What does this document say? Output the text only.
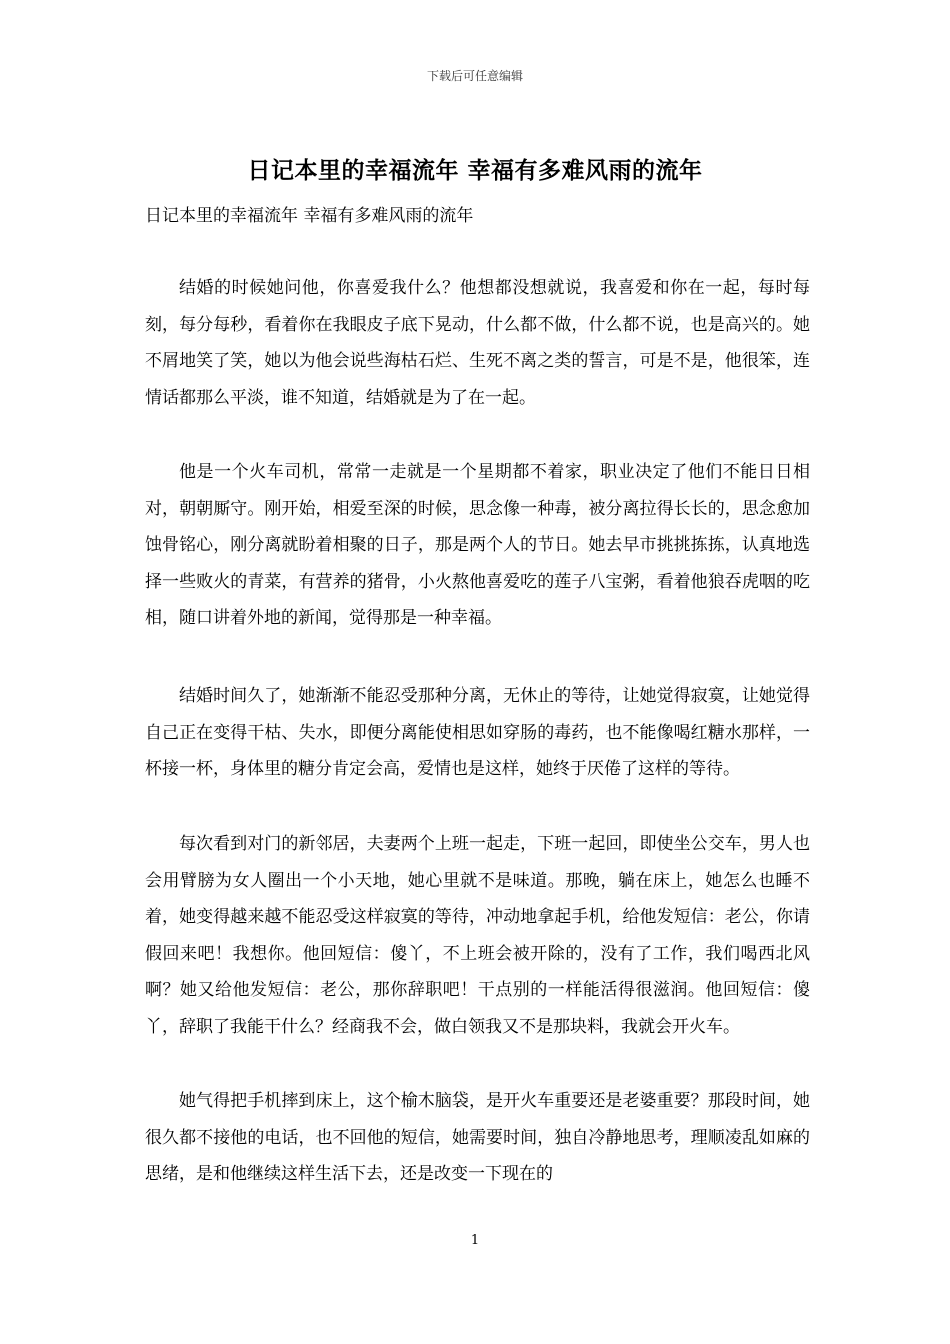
下载后可任意编辑
日记本里的幸福流年 幸福有多难风雨的流年

日记本里的幸福流年 幸福有多难风雨的流年

结婚的时候她问他，你喜爱我什么？他想都没想就说，我喜爱和你在一起，每时每刻，每分每秒，看着你在我眼皮子底下晃动，什么都不做，什么都不说，也是高兴的。她不屑地笑了笑，她以为他会说些海枯石烂、生死不离之类的誓言，可是不是，他很笨，连情话都那么平淡，谁不知道，结婚就是为了在一起。

他是一个火车司机，常常一走就是一个星期都不着家，职业决定了他们不能日日相对，朝朝厮守。刚开始，相爱至深的时候，思念像一种毒，被分离拉得长长的，思念愈加蚀骨铭心，刚分离就盼着相聚的日子，那是两个人的节日。她去早市挑挑拣拣，认真地选择一些败火的青菜，有营养的猪骨，小火熬他喜爱吃的莲子八宝粥，看着他狼吞虎咽的吃相，随口讲着外地的新闻，觉得那是一种幸福。

结婚时间久了，她渐渐不能忍受那种分离，无休止的等待，让她觉得寂寞，让她觉得自己正在变得干枯、失水，即便分离能使相思如穿肠的毒药，也不能像喝红糖水那样，一杯接一杯，身体里的糖分肯定会高，爱情也是这样，她终于厌倦了这样的等待。

每次看到对门的新邻居，夫妻两个上班一起走，下班一起回，即使坐公交车，男人也会用臂膀为女人圈出一个小天地，她心里就不是味道。那晚，躺在床上，她怎么也睡不着，她变得越来越不能忍受这样寂寞的等待，冲动地拿起手机，给他发短信：老公，你请假回来吧！我想你。他回短信：傻丫，不上班会被开除的，没有了工作，我们喝西北风啊？她又给他发短信：老公，那你辞职吧！干点别的一样能活得很滋润。他回短信：傻丫，辞职了我能干什么？经商我不会，做白领我又不是那块料，我就会开火车。

她气得把手机摔到床上，这个榆木脑袋，是开火车重要还是老婆重要？那段时间，她很久都不接他的电话，也不回他的短信，她需要时间，独自冷静地思考，理顺凌乱如麻的思绪，是和他继续这样生活下去，还是改变一下现在的

1
